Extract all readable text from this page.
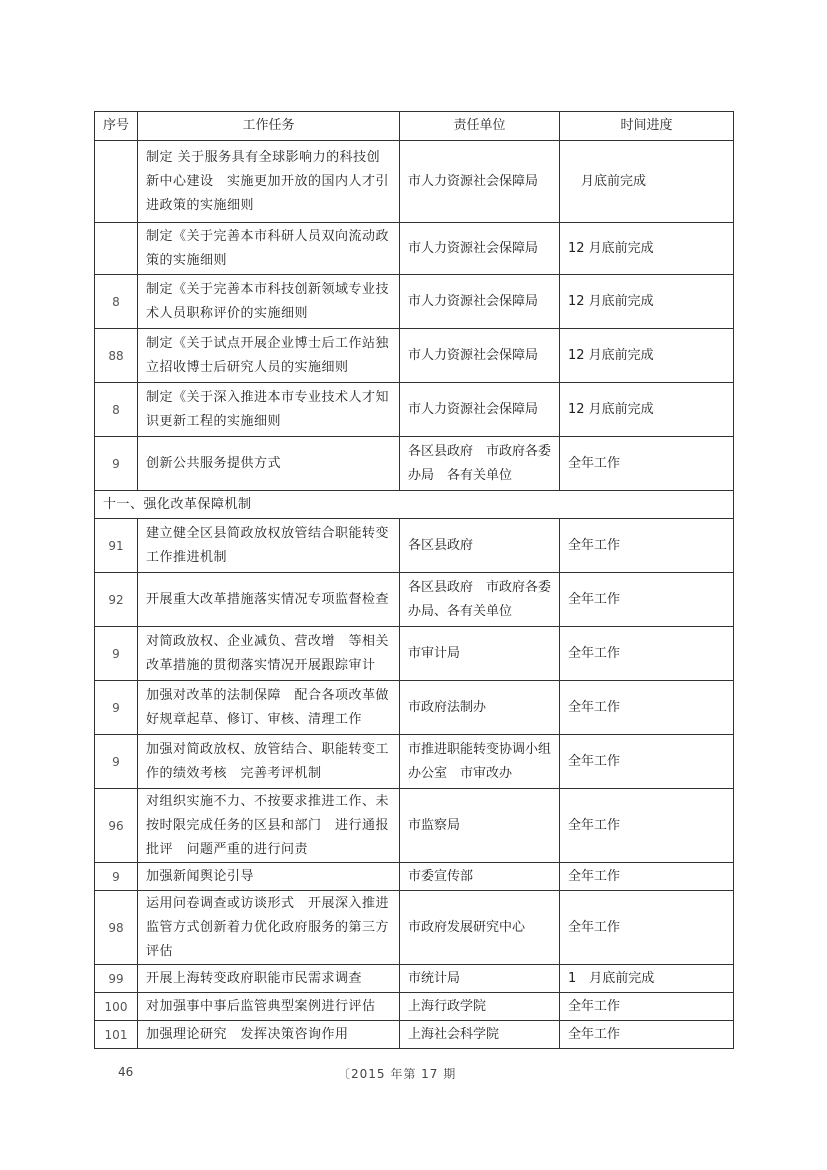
序号	工作任务	责任单位	时间进度
	制定 关于服务具有全球影响力的科技创新中心建设　实施更加开放的国内人才引进政策的实施细则	市人力资源社会保障局	　月底前完成
	制定《关于完善本市科研人员双向流动政策的实施细则	市人力资源社会保障局	12 月底前完成
8	制定《关于完善本市科技创新领域专业技术人员职称评价的实施细则	市人力资源社会保障局	12 月底前完成
88	制定《关于试点开展企业博士后工作站独立招收博士后研究人员的实施细则	市人力资源社会保障局	12 月底前完成
8	制定《关于深入推进本市专业技术人才知识更新工程的实施细则	市人力资源社会保障局	12 月底前完成
9	创新公共服务提供方式	各区县政府　市政府各委办局　各有关单位	全年工作
十一、强化改革保障机制			
91	建立健全区县简政放权放管结合职能转变工作推进机制	各区县政府	全年工作
92	开展重大改革措施落实情况专项监督检查	各区县政府　市政府各委办局、各有关单位	全年工作
9	对简政放权、企业减负、营改增　等相关改革措施的贯彻落实情况开展跟踪审计	市审计局	全年工作
9	加强对改革的法制保障　配合各项改革做好规章起草、修订、审核、清理工作	市政府法制办	全年工作
9	加强对简政放权、放管结合、职能转变工作的绩效考核　完善考评机制	市推进职能转变协调小组办公室　市审改办	全年工作
96	对组织实施不力、不按要求推进工作、未按时限完成任务的区县和部门　进行通报批评　问题严重的进行问责	市监察局	全年工作
9	加强新闻舆论引导	市委宣传部	全年工作
98	运用问卷调查或访谈形式　开展深入推进监管方式创新着力优化政府服务的第三方评估	市政府发展研究中心	全年工作
99	开展上海转变政府职能市民需求调查	市统计局	1　月底前完成
100	对加强事中事后监管典型案例进行评估	上海行政学院	全年工作
101	加强理论研究　发挥决策咨询作用	上海社会科学院	全年工作
46	〔2015 年第 17 期
